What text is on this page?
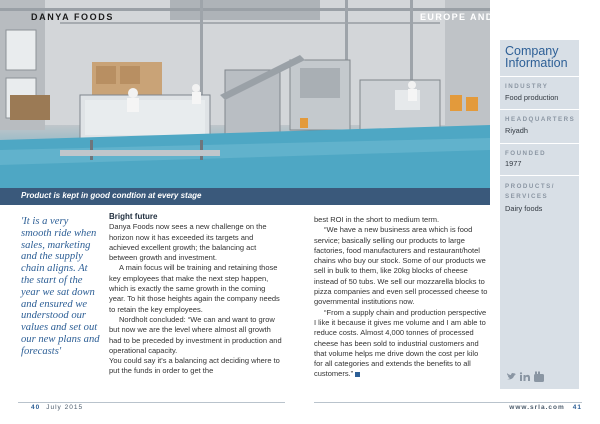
DANYA FOODS	EUROPE AND MIDDLE EAST
Product is kept in good condtion at every stage
Company Information
INDUSTRY
Food production
HEADQUARTERS
Riyadh
FOUNDED
1977
PRODUCTS/ SERVICES
Dairy foods
'It is a very smooth ride when sales, marketing and the supply chain aligns. At the start of the year we sat down and ensured we understood our values and set out our new plans and forecasts'

Bright future

Danya Foods now sees a new challenge on the horizon now it has exceeded its targets and achieved excellent growth; the balancing act between growth and investment.

A main focus will be training and retaining those key employees that make the next step happen, which is exactly the same growth in the coming year. To hit those heights again the company needs to retain the key employees.

Nordholt concluded: “We can and want to grow but now we are the level where almost all growth had to be preceded by investment in production and operational capacity.

You could say it's a balancing act deciding where to put the funds in order to get the

best ROI in the short to medium term.

“We have a new business area which is food service; basically selling our products to large factories, food manufacturers and restaurant/hotel chains who buy our stock. Some of our products we sell in bulk to them, like 20kg blocks of cheese instead of 50 tubs. We sell our mozzarella blocks to pizza companies and even sell processed cheese to governmental institutions now.

“From a supply chain and production perspective I like it because it gives me volume and I am able to reduce costs. Almost 4,000 tonnes of processed cheese has been sold to industrial customers and that volume helps me drive down the cost per kilo for all categories and extends the benefits to all customers.”

40 July 2015	www.srla.com 41
